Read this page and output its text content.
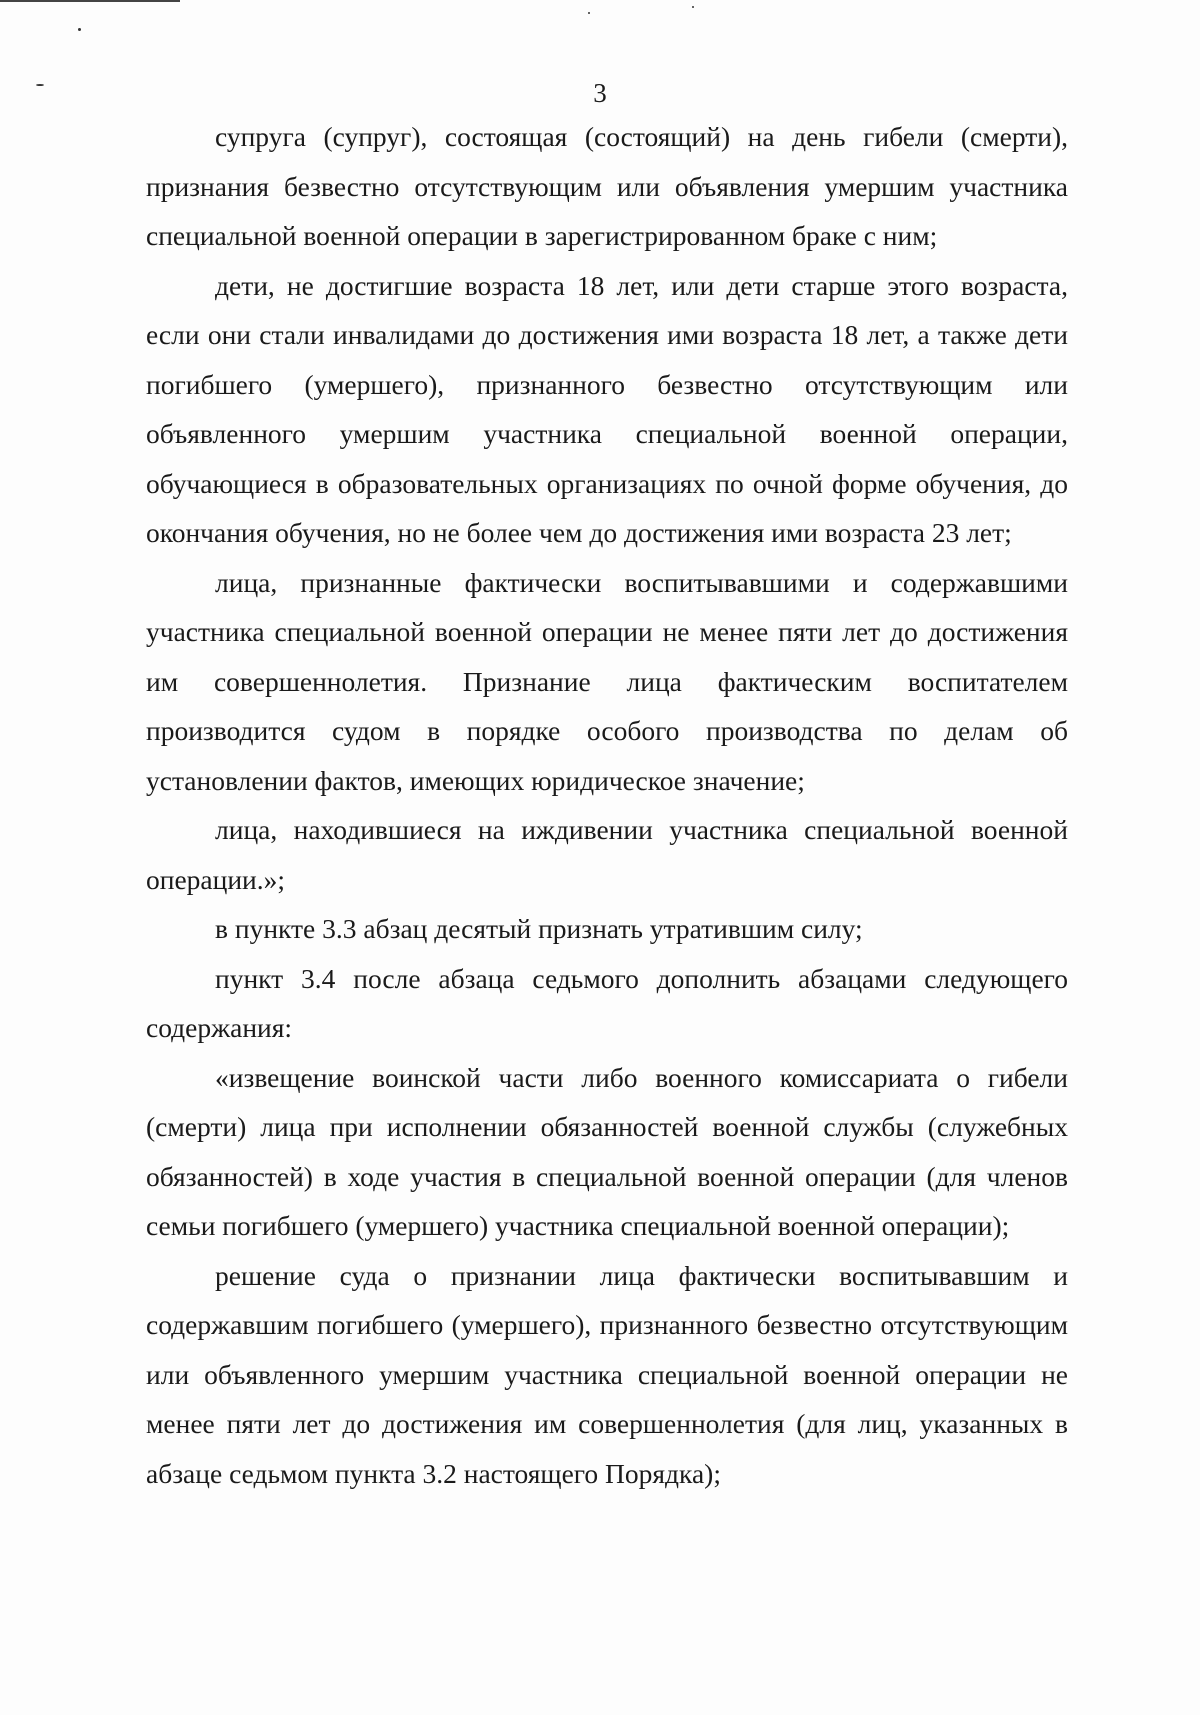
3

супруга (супруг), состоящая (состоящий) на день гибели (смерти), признания безвестно отсутствующим или объявления умершим участника специальной военной операции в зарегистрированном браке с ним;

дети, не достигшие возраста 18 лет, или дети старше этого возраста, если они стали инвалидами до достижения ими возраста 18 лет, а также дети погибшего (умершего), признанного безвестно отсутствующим или объявленного умершим участника специальной военной операции, обучающиеся в образовательных организациях по очной форме обучения, до окончания обучения, но не более чем до достижения ими возраста 23 лет;

лица, признанные фактически воспитывавшими и содержавшими участника специальной военной операции не менее пяти лет до достижения им совершеннолетия. Признание лица фактическим воспитателем производится судом в порядке особого производства по делам об установлении фактов, имеющих юридическое значение;

лица, находившиеся на иждивении участника специальной военной операции.»;

в пункте 3.3 абзац десятый признать утратившим силу;

пункт 3.4 после абзаца седьмого дополнить абзацами следующего содержания:

«извещение воинской части либо военного комиссариата о гибели (смерти) лица при исполнении обязанностей военной службы (служебных обязанностей) в ходе участия в специальной военной операции (для членов семьи погибшего (умершего) участника специальной военной операции);

решение суда о признании лица фактически воспитывавшим и содержавшим погибшего (умершего), признанного безвестно отсутствующим или объявленного умершим участника специальной военной операции не менее пяти лет до достижения им совершеннолетия (для лиц, указанных в абзаце седьмом пункта 3.2 настоящего Порядка);
